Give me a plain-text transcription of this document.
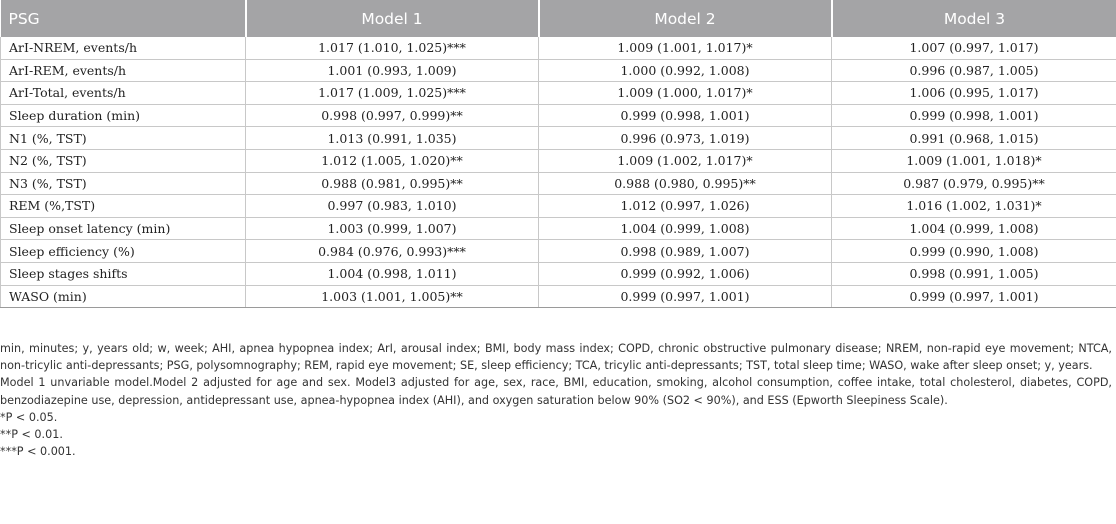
PSG	Model 1	Model 2	Model 3
ArI-NREM, events/h	1.017 (1.010, 1.025)***	1.009 (1.001, 1.017)*	1.007 (0.997, 1.017)
ArI-REM, events/h	1.001 (0.993, 1.009)	1.000 (0.992, 1.008)	0.996 (0.987, 1.005)
ArI-Total, events/h	1.017 (1.009, 1.025)***	1.009 (1.000, 1.017)*	1.006 (0.995, 1.017)
Sleep duration (min)	0.998 (0.997, 0.999)**	0.999 (0.998, 1.001)	0.999 (0.998, 1.001)
N1 (%, TST)	1.013 (0.991, 1.035)	0.996 (0.973, 1.019)	0.991 (0.968, 1.015)
N2 (%, TST)	1.012 (1.005, 1.020)**	1.009 (1.002, 1.017)*	1.009 (1.001, 1.018)*
N3 (%, TST)	0.988 (0.981, 0.995)**	0.988 (0.980, 0.995)**	0.987 (0.979, 0.995)**
REM (%,TST)	0.997 (0.983, 1.010)	1.012 (0.997, 1.026)	1.016 (1.002, 1.031)*
Sleep onset latency (min)	1.003 (0.999, 1.007)	1.004 (0.999, 1.008)	1.004 (0.999, 1.008)
Sleep efficiency (%)	0.984 (0.976, 0.993)***	0.998 (0.989, 1.007)	0.999 (0.990, 1.008)
Sleep stages shifts	1.004 (0.998, 1.011)	0.999 (0.992, 1.006)	0.998 (0.991, 1.005)
WASO (min)	1.003 (1.001, 1.005)**	0.999 (0.997, 1.001)	0.999 (0.997, 1.001)

min, minutes; y, years old; w, week; AHI, apnea hypopnea index; ArI, arousal index; BMI, body mass index; COPD, chronic obstructive pulmonary disease; NREM, non-rapid eye movement; NTCA, non-tricylic anti-depressants; PSG, polysomnography; REM, rapid eye movement; SE, sleep efficiency; TCA, tricylic anti-depressants; TST, total sleep time; WASO, wake after sleep onset; y, years.

Model 1 unvariable model.Model 2 adjusted for age and sex. Model3 adjusted for age, sex, race, BMI, education, smoking, alcohol consumption, coffee intake, total cholesterol, diabetes, COPD, benzodiazepine use, depression, antidepressant use, apnea-hypopnea index (AHI), and oxygen saturation below 90% (SO2 < 90%), and ESS (Epworth Sleepiness Scale).

*P < 0.05.

**P < 0.01.

***P < 0.001.
